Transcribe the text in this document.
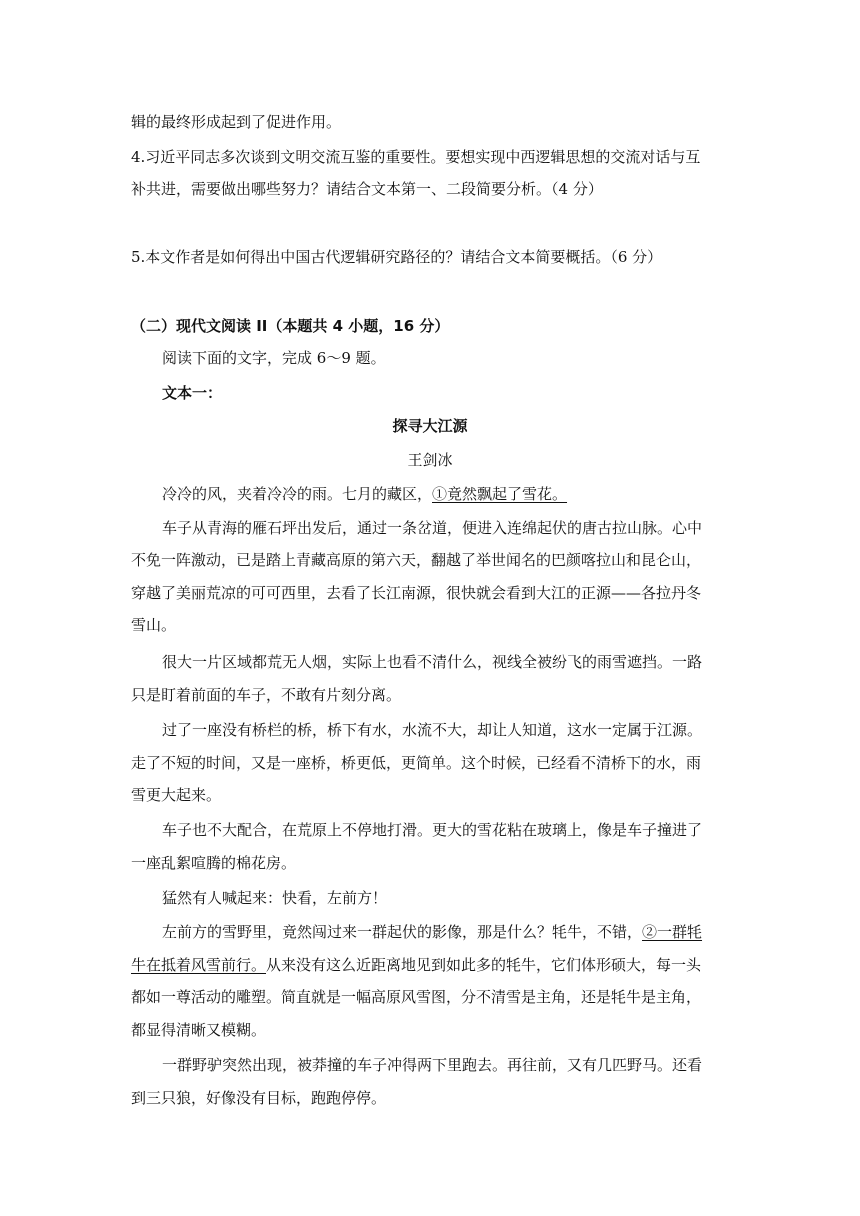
辑的最终形成起到了促进作用。
4.习近平同志多次谈到文明交流互鉴的重要性。要想实现中西逻辑思想的交流对话与互
补共进，需要做出哪些努力？请结合文本第一、二段简要分析。（4 分）
5.本文作者是如何得出中国古代逻辑研究路径的？请结合文本简要概括。（6 分）
（二）现代文阅读 II（本题共 4 小题，16 分）
阅读下面的文字，完成 6～9 题。
文本一：
探寻大江源
王剑冰
冷冷的风，夹着冷冷的雨。七月的藏区，①竟然飘起了雪花。
车子从青海的雁石坪出发后，通过一条岔道，便进入连绵起伏的唐古拉山脉。心中
不免一阵激动，已是踏上青藏高原的第六天，翻越了举世闻名的巴颜喀拉山和昆仑山，
穿越了美丽荒凉的可可西里，去看了长江南源，很快就会看到大江的正源——各拉丹冬
雪山。
很大一片区域都荒无人烟，实际上也看不清什么，视线全被纷飞的雨雪遮挡。一路
只是盯着前面的车子，不敢有片刻分离。
过了一座没有桥栏的桥，桥下有水，水流不大，却让人知道，这水一定属于江源。
走了不短的时间，又是一座桥，桥更低，更简单。这个时候，已经看不清桥下的水，雨
雪更大起来。
车子也不大配合，在荒原上不停地打滑。更大的雪花粘在玻璃上，像是车子撞进了
一座乱絮喧腾的棉花房。
猛然有人喊起来：快看，左前方！
左前方的雪野里，竟然闯过来一群起伏的影像，那是什么？牦牛，不错，②一群牦
牛在抵着风雪前行。从来没有这么近距离地见到如此多的牦牛，它们体形硕大，每一头
都如一尊活动的雕塑。简直就是一幅高原风雪图，分不清雪是主角，还是牦牛是主角，
都显得清晰又模糊。
一群野驴突然出现，被莽撞的车子冲得两下里跑去。再往前，又有几匹野马。还看
到三只狼，好像没有目标，跑跑停停。
